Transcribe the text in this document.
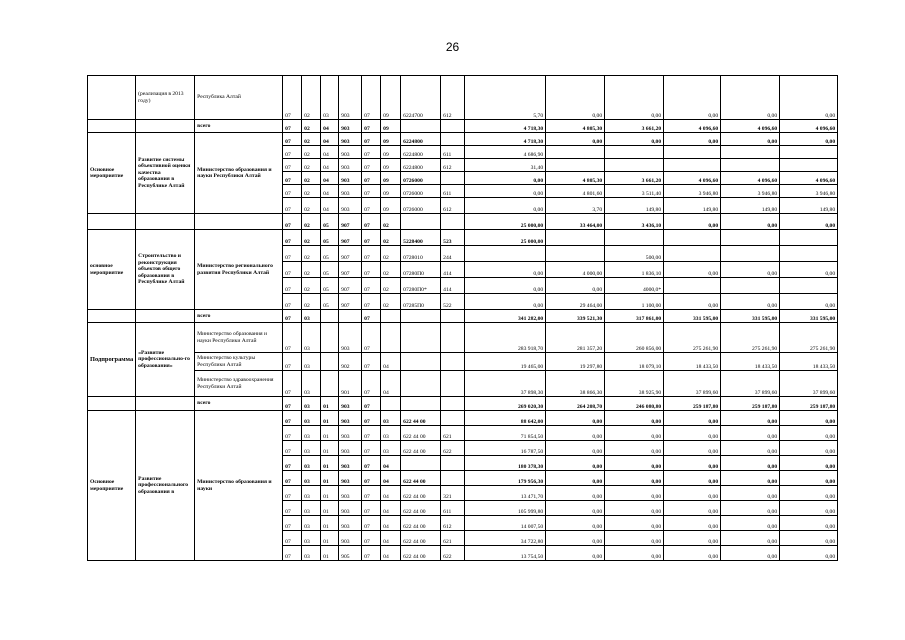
26
	(реализация в 2013 году)	Республика Алтай	07	02	03	903	07	09	6224700	612	5,70	0,00	0,00	0,00	0,00	0,00
		всего	07	02	04	903	07	09			4 718,30	4 805,30	3 661,20	4 096,60	4 096,60	4 096,60
Основное мероприятие	Развитие системы объективной оценки качества образования в Республике Алтай	Министерство образования и науки Республики Алтай	07	02	04	903	07	09	6224800		4 718,30	0,00	0,00	0,00	0,00	0,00
			07	02	04	903	07	09	6224800	611	4 686,90					
			07	02	04	903	07	09	6224800	612	31,40					
			07	02	04	903	07	09	0726000		0,00	4 805,30	3 661,20	4 096,60	4 096,60	4 096,60
			07	02	04	903	07	09	0726000	611	0,00	4 801,60	3 511,40	3 946,80	3 946,80	3 946,80
			07	02	04	903	07	09	0726000	612	0,00	3,70	149,80	149,80	149,80	149,80
			07	02	05	907	07	02			25 000,00	33 464,00	3 436,10	0,00	0,00	0,00
основное мероприятие	Строительство и реконструкция объектов общего образования в Республике Алтай	Министерство регионального развития Республики Алтай	07	02	05	907	07	02	5228400	523	25 000,00					
			07	02	05	907	07	02	0728010	244			500,00			
			07	02	05	907	07	02	07280П0	414	0,00	4 000,00	1 836,10	0,00	0,00	0,00
			07	02	05	907	07	02	07280П0*	414	0,00	0,00	4000,0*			
			07	02	05	907	07	02	07285П0	522	0,00	29 464,00	1 100,00	0,00	0,00	0,00
		всего	07	03			07				341 282,00	339 521,30	317 861,00	331 595,00	331 595,00	331 595,00
Подпрограмма	«Развитие профессионально-го образования»	Министерство образования и науки Республики Алтай	07	03		903	07				283 918,70	281 357,20	260 856,00	275 261,90	275 261,90	275 261,90
		Министерство культуры Республики Алтай	07	03		902	07	04			19 465,00	19 297,80	18 079,10	18 433,50	18 433,50	18 433,50
		Министерство здравоохранения Республики Алтай	07	03		901	07	04			37 898,30	38 866,30	38 925,90	37 899,60	37 899,60	37 899,60
		всего	07	03	01	903	07				269 020,30	264 208,70	246 080,80	259 187,80	259 187,80	259 187,80
Основное мероприятие	Развитие профессионального образования в	Министерство образования и науки	07	03	01	903	07	03	622 44 00		88 642,00	0,00	0,00	0,00	0,00	0,00
			07	03	01	903	07	03	622 44 00	621	71 854,50	0,00	0,00	0,00	0,00	0,00
			07	03	01	903	07	03	622 44 00	622	16 787,50	0,00	0,00	0,00	0,00	0,00
			07	03	01	903	07	04			180 378,30	0,00	0,00	0,00	0,00	0,00
			07	03	01	903	07	04	622 44 00		179 956,30	0,00	0,00	0,00	0,00	0,00
			07	03	01	903	07	04	622 44 00	321	13 471,70	0,00	0,00	0,00	0,00	0,00
			07	03	01	903	07	04	622 44 00	611	105 999,80	0,00	0,00	0,00	0,00	0,00
			07	03	01	903	07	04	622 44 00	612	14 007,50	0,00	0,00	0,00	0,00	0,00
			07	03	01	903	07	04	622 44 00	621	34 722,80	0,00	0,00	0,00	0,00	0,00
			07	03	01	905	07	04	622 44 00	622	13 754,50	0,00	0,00	0,00	0,00	0,00
